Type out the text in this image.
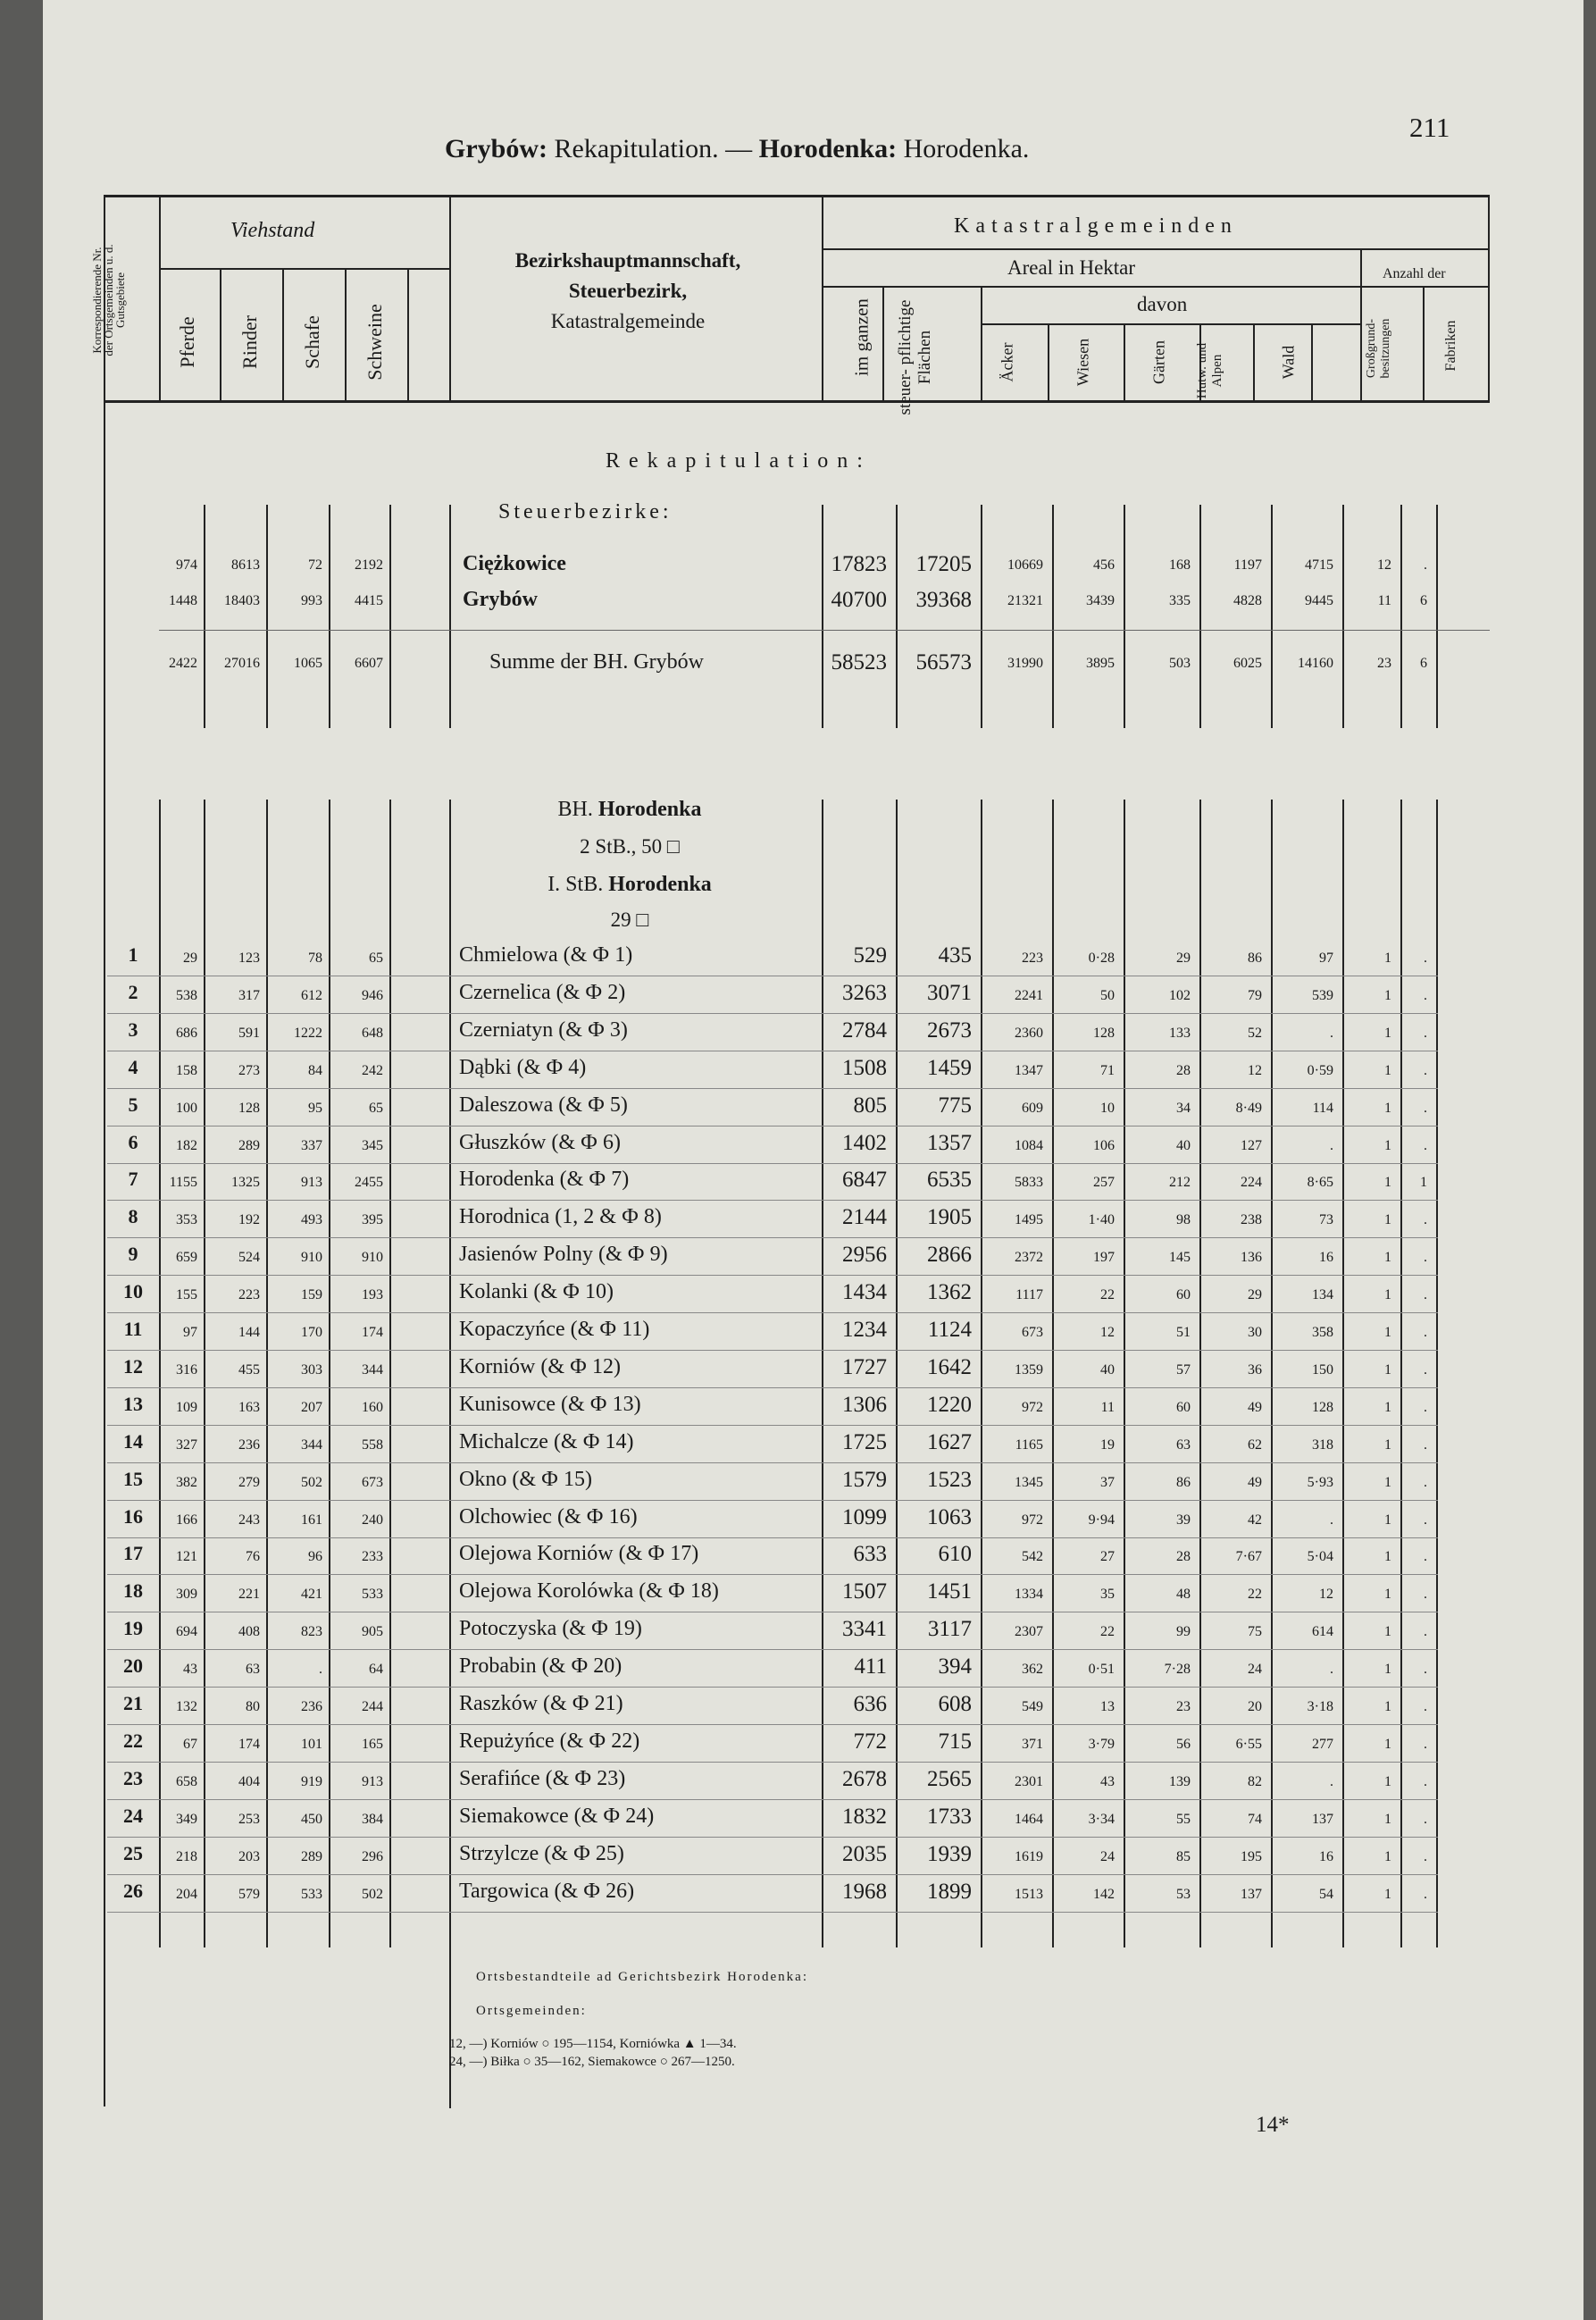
Grybów: Rekapitulation. — Horodenka: Horodenka.
211
Korrespondierende Nr. der Ortsgemeinden u. d. Gutsgebiete
Viehstand
Pferde Rinder Schafe Schweine
Bezirkshauptmannschaft,
Steuerbezirk,
Katastralgemeinde
Katastralgemeinden
Areal in Hektar
im ganzen steuer- pflichtige Flächen
davon
Äcker	Wiesen	Gärten Hutw. und Alpen	Wald
Anzahl der
Großgrund- besitzungen	Fabriken
Rekapitulation:
Steuerbezirke:
974	8613	72	2192	Ciężkowice	17823	17205	10669	456	168	1197	4715	12	.
1448	18403	993	4415	Grybów	40700	39368	21321	3439	335	4828	9445	11	6
2422	27016	1065	6607	Summe der BH. Grybów	58523	56573	31990	3895	503	6025	14160	23	6
BH. Horodenka
2 StB., 50 □
I. StB. Horodenka
29 □
1	29	123	78	65	Chmielowa (& Ф 1)	529	435	223	0·28	29	86	97	1	.
2	538	317	612	946	Czernelica (& Ф 2)	3263	3071	2241	50	102	79	539	1	.
3	686	591	1222	648	Czerniatyn (& Ф 3)	2784	2673	2360	128	133	52	.	1	.
4	158	273	84	242	Dąbki (& Ф 4)	1508	1459	1347	71	28	12	0·59	1	.
5	100	128	95	65	Daleszowa (& Ф 5)	805	775	609	10	34	8·49	114	1	.
6	182	289	337	345	Głuszków (& Ф 6)	1402	1357	1084	106	40	127	.	1	.
7	1155	1325	913	2455	Horodenka (& Ф 7)	6847	6535	5833	257	212	224	8·65	1	1
8	353	192	493	395	Horodnica (1, 2 & Ф 8)	2144	1905	1495	1·40	98	238	73	1	.
9	659	524	910	910	Jasienów Polny (& Ф 9)	2956	2866	2372	197	145	136	16	1	.
10	155	223	159	193	Kolanki (& Ф 10)	1434	1362	1117	22	60	29	134	1	.
11	97	144	170	174	Kopaczyńce (& Ф 11)	1234	1124	673	12	51	30	358	1	.
12	316	455	303	344	Korniów (& Ф 12)	1727	1642	1359	40	57	36	150	1	.
13	109	163	207	160	Kunisowce (& Ф 13)	1306	1220	972	11	60	49	128	1	.
14	327	236	344	558	Michalcze (& Ф 14)	1725	1627	1165	19	63	62	318	1	.
15	382	279	502	673	Okno (& Ф 15)	1579	1523	1345	37	86	49	5·93	1	.
16	166	243	161	240	Olchowiec (& Ф 16)	1099	1063	972	9·94	39	42	.	1	.
17	121	76	96	233	Olejowa Korniów (& Ф 17)	633	610	542	27	28	7·67	5·04	1	.
18	309	221	421	533	Olejowa Korolówka (& Ф 18)	1507	1451	1334	35	48	22	12	1	.
19	694	408	823	905	Potoczyska (& Ф 19)	3341	3117	2307	22	99	75	614	1	.
20	43	63	.	64	Probabin (& Ф 20)	411	394	362	0·51	7·28	24	.	1	.
21	132	80	236	244	Raszków (& Ф 21)	636	608	549	13	23	20	3·18	1	.
22	67	174	101	165	Repużyńce (& Ф 22)	772	715	371	3·79	56	6·55	277	1	.
23	658	404	919	913	Serafińce (& Ф 23)	2678	2565	2301	43	139	82	.	1	.
24	349	253	450	384	Siemakowce (& Ф 24)	1832	1733	1464	3·34	55	74	137	1	.
25	218	203	289	296	Strzylcze (& Ф 25)	2035	1939	1619	24	85	195	16	1	.
26	204	579	533	502	Targowica (& Ф 26)	1968	1899	1513	142	53	137	54	1	.
Ortsbestandteile ad Gerichtsbezirk Horodenka:
Ortsgemeinden:
12, —) Korniów ○ 195—1154, Korniówka ▲ 1—34.
24, —) Biłka ○ 35—162, Siemakowce ○ 267—1250.
14*
